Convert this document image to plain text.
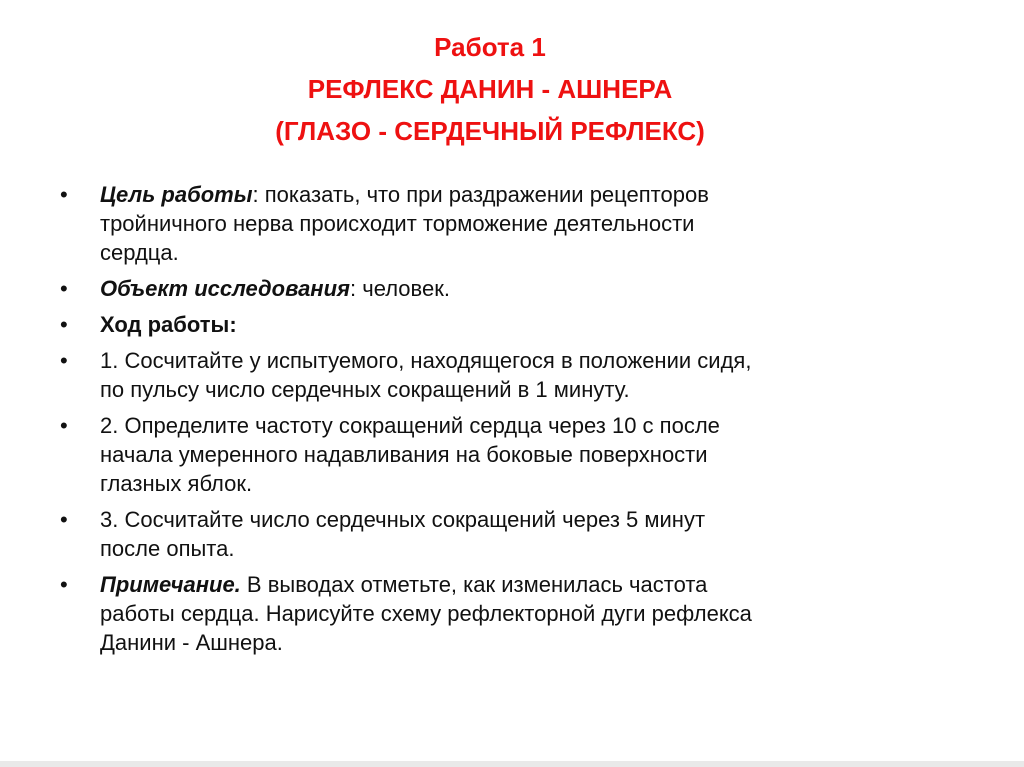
Работа 1
РЕФЛЕКС ДАНИН - АШНЕРА
(ГЛАЗО - СЕРДЕЧНЫЙ РЕФЛЕКС)
•	Цель работы: показать, что при раздражении рецепторов
тройничного нерва происходит торможение деятельности
сердца.
•	Объект исследования: человек.
•	Ход работы:
•	1. Сосчитайте у испытуемого, находящегося в положении сидя,
по пульсу число сердечных сокращений в 1 минуту.
•	2. Определите частоту сокращений сердца через 10 с после
начала умеренного надавливания на боковые поверхности
глазных яблок.
•	3. Сосчитайте число сердечных сокращений через 5 минут
после опыта.
•	Примечание. В выводах отметьте, как изменилась частота
работы сердца. Нарисуйте схему рефлекторной дуги рефлекса
Данини - Ашнера.
